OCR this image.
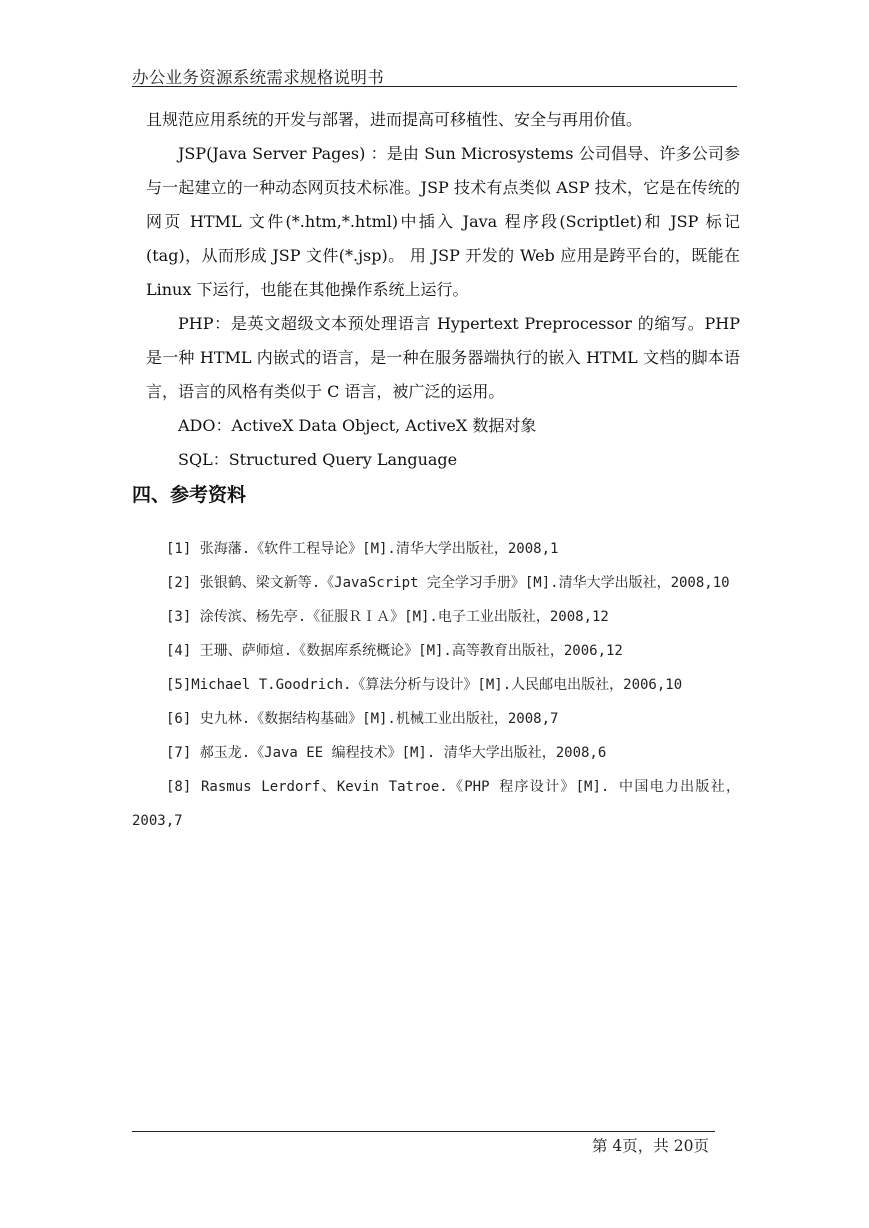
办公业务资源系统需求规格说明书

且规范应用系统的开发与部署，进而提高可移植性、安全与再用价值。

JSP(Java Server Pages) ：是由 Sun Microsystems 公司倡导、许多公司参与一起建立的一种动态网页技术标准。JSP 技术有点类似 ASP 技术，它是在传统的网页 HTML 文件(*.htm,*.html)中插入 Java 程序段(Scriptlet)和 JSP 标记(tag)，从而形成 JSP 文件(*.jsp)。 用 JSP 开发的 Web 应用是跨平台的，既能在 Linux 下运行，也能在其他操作系统上运行。

PHP：是英文超级文本预处理语言 Hypertext Preprocessor 的缩写。PHP 是一种 HTML 内嵌式的语言，是一种在服务器端执行的嵌入 HTML 文档的脚本语言，语言的风格有类似于 C 语言，被广泛的运用。

ADO：ActiveX Data Object, ActiveX 数据对象

SQL：Structured Query Language

四、参考资料

[1] 张海藩.《软件工程导论》[M].清华大学出版社，2008,1

[2] 张银鹤、梁文新等.《JavaScript 完全学习手册》[M].清华大学出版社，2008,10

[3] 涂传滨、杨先亭.《征服ＲＩＡ》[M].电子工业出版社，2008,12

[4] 王珊、萨师煊.《数据库系统概论》[M].高等教育出版社，2006,12

[5]Michael T.Goodrich.《算法分析与设计》[M].人民邮电出版社，2006,10

[6] 史九林.《数据结构基础》[M].机械工业出版社，2008,7

[7] 郝玉龙.《Java EE 编程技术》[M]. 清华大学出版社，2008,6

[8] Rasmus Lerdorf、Kevin Tatroe.《PHP 程序设计》[M]. 中国电力出版社，2003,7

第 4页，共 20页
